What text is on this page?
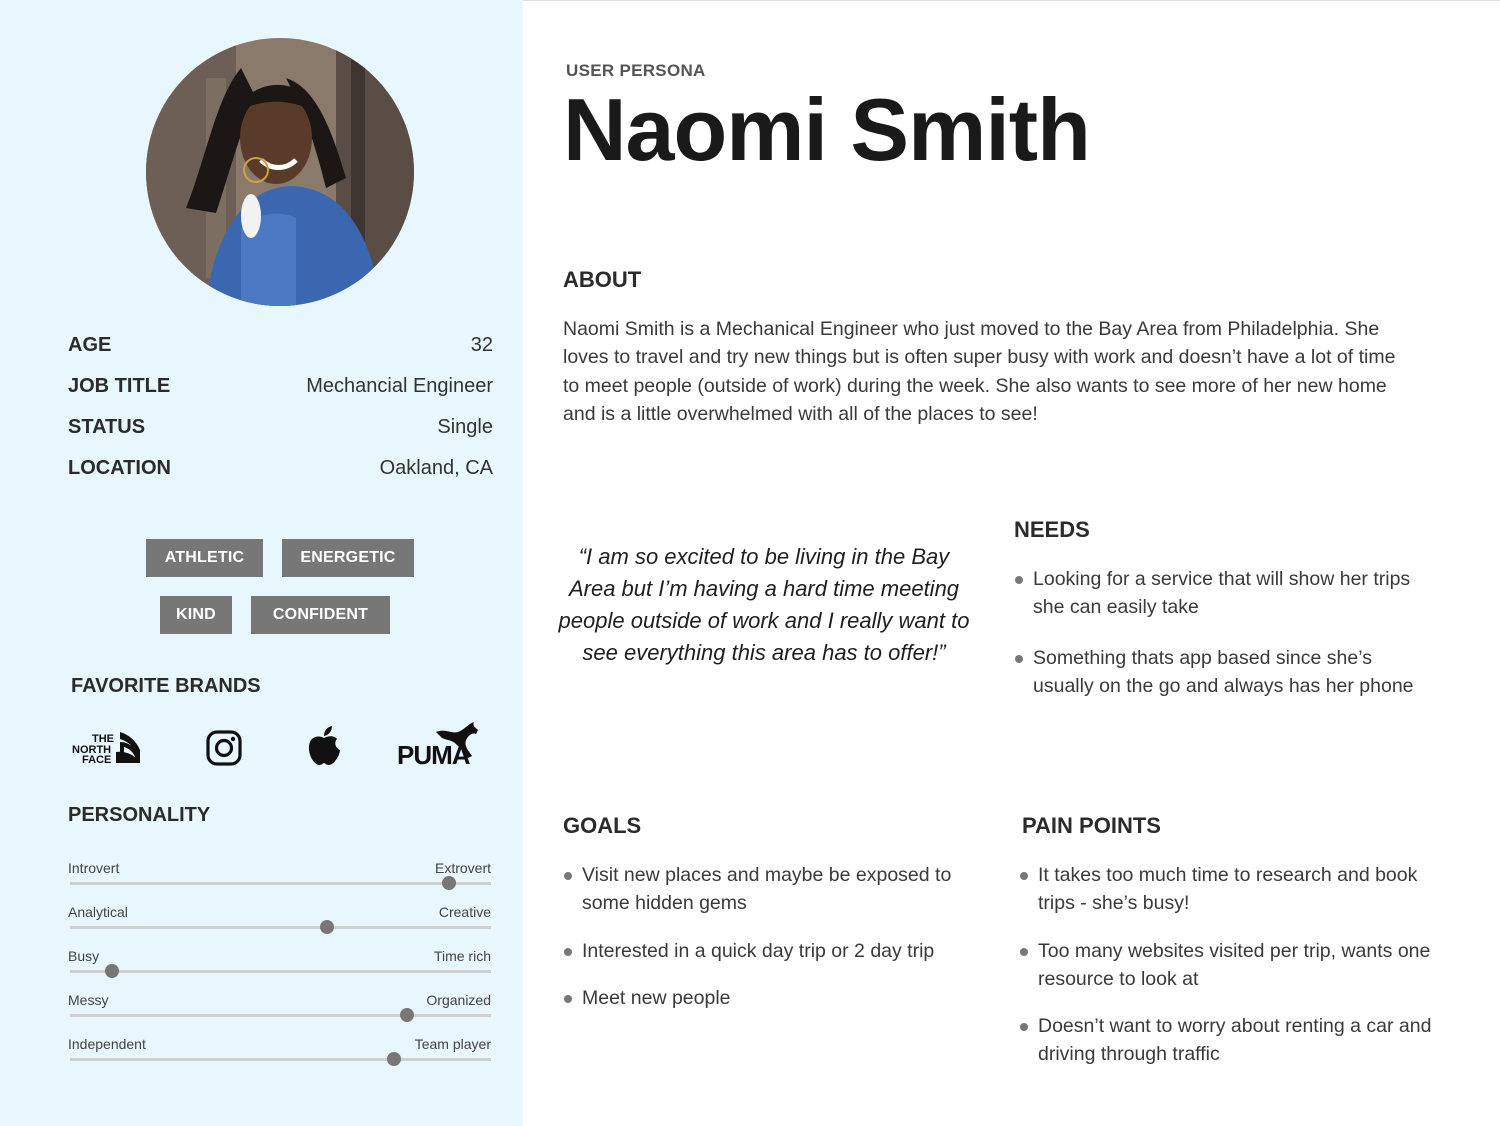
AGE	32
JOB TITLE	Mechancial Engineer
STATUS	Single
LOCATION	Oakland, CA
ATHLETIC	ENERGETIC
KIND	CONFIDENT
FAVORITE BRANDS
THE
NORTH
FACE	PUMA
PERSONALITY
Introvert	Extrovert
Analytical	Creative
Busy	Time rich
Messy	Organized
Independent	Team player
USER PERSONA
Naomi Smith
ABOUT
Naomi Smith is a Mechanical Engineer who just moved to the Bay Area from Philadelphia. She loves to travel and try new things but is often super busy with work and doesn’t have a lot of time to meet people (outside of work) during the week. She also wants to see more of her new home and is a little overwhelmed with all of the places to see!
“I am so excited to be living in the Bay Area but I’m having a hard time meeting people outside of work and I really want to see everything this area has to offer!”
NEEDS
Looking for a service that will show her trips she can easily take
Something thats app based since she’s usually on the go and always has her phone
GOALS
Visit new places and maybe be exposed to some hidden gems
Interested in a quick day trip or 2 day trip
Meet new people
PAIN POINTS
It takes too much time to research and book trips - she’s busy!
Too many websites visited per trip, wants one resource to look at
Doesn’t want to worry about renting a car and driving through traffic
